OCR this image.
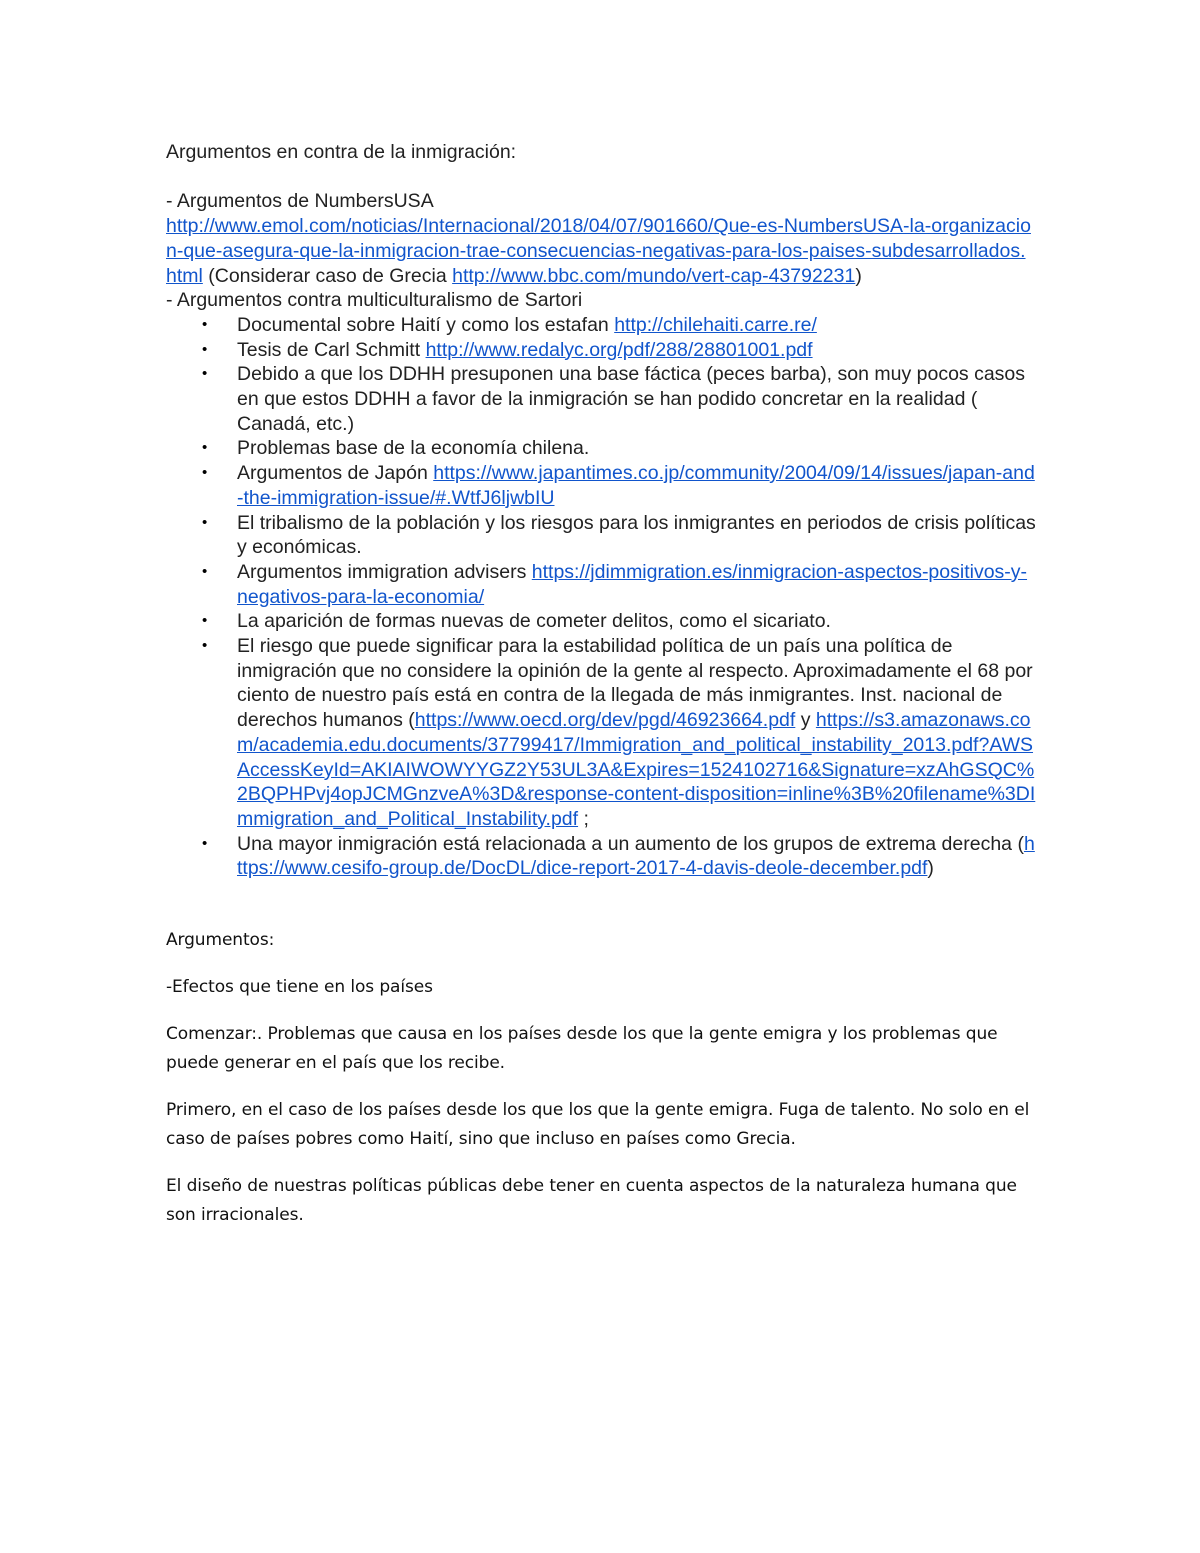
Argumentos en contra de la inmigración:

- Argumentos de NumbersUSA

http://www.emol.com/noticias/Internacional/2018/04/07/901660/Que-es-NumbersUSA-la-organizacion-que-asegura-que-la-inmigracion-trae-consecuencias-negativas-para-los-paises-subdesarrollados.html (Considerar caso de Grecia http://www.bbc.com/mundo/vert-cap-43792231)

- Argumentos contra multiculturalismo de Sartori

• Documental sobre Haití y como los estafan http://chilehaiti.carre.re/
• Tesis de Carl Schmitt http://www.redalyc.org/pdf/288/28801001.pdf
• Debido a que los DDHH presuponen una base fáctica (peces barba), son muy pocos casos en que estos DDHH a favor de la inmigración se han podido concretar en la realidad ( Canadá, etc.)
• Problemas base de la economía chilena.
• Argumentos de Japón https://www.japantimes.co.jp/community/2004/09/14/issues/japan-and-the-immigration-issue/#.WtfJ6ljwbIU
• El tribalismo de la población y los riesgos para los inmigrantes en periodos de crisis políticas y económicas.
• Argumentos immigration advisers https://jdimmigration.es/inmigracion-aspectos-positivos-y-negativos-para-la-economia/
• La aparición de formas nuevas de cometer delitos, como el sicariato.
• El riesgo que puede significar para la estabilidad política de un país una política de inmigración que no considere la opinión de la gente al respecto. Aproximadamente el 68 por ciento de nuestro país está en contra de la llegada de más inmigrantes. Inst. nacional de derechos humanos (https://www.oecd.org/dev/pgd/46923664.pdf y https://s3.amazonaws.com/academia.edu.documents/37799417/Immigration_and_political_instability_2013.pdf?AWSAccessKeyId=AKIAIWOWYYGZ2Y53UL3A&Expires=1524102716&Signature=xzAhGSQC%2BQPHPvj4opJCMGnzveA%3D&response-content-disposition=inline%3B%20filename%3DImmigration_and_Political_Instability.pdf ;
• Una mayor inmigración está relacionada a un aumento de los grupos de extrema derecha (https://www.cesifo-group.de/DocDL/dice-report-2017-4-davis-deole-december.pdf)

Argumentos:

-Efectos que tiene en los países

Comenzar:. Problemas que causa en los países desde los que la gente emigra y los problemas que puede generar en el país que los recibe.

Primero, en el caso de los países desde los que los que la gente emigra. Fuga de talento. No solo en el caso de países pobres como Haití, sino que incluso en países como Grecia.

El diseño de nuestras políticas públicas debe tener en cuenta aspectos de la naturaleza humana que son irracionales.
